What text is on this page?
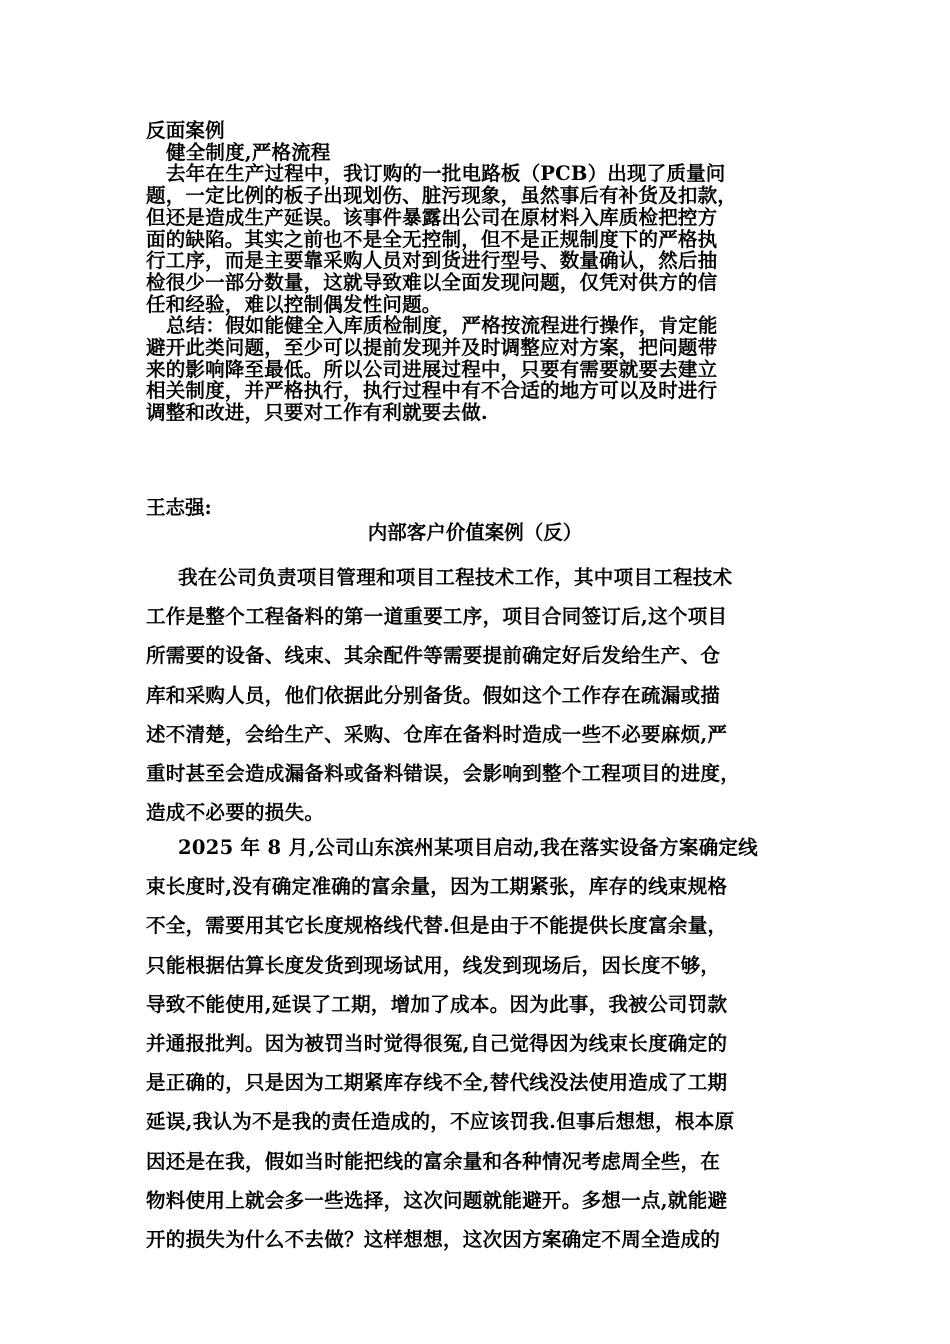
反面案例
健全制度,严格流程
去年在生产过程中，我订购的一批电路板（PCB）出现了质量问
题，一定比例的板子出现划伤、脏污现象，虽然事后有补货及扣款，
但还是造成生产延误。该事件暴露出公司在原材料入库质检把控方
面的缺陷。其实之前也不是全无控制，但不是正规制度下的严格执
行工序，而是主要靠采购人员对到货进行型号、数量确认，然后抽
检很少一部分数量，这就导致难以全面发现问题，仅凭对供方的信
任和经验，难以控制偶发性问题。
总结：假如能健全入库质检制度，严格按流程进行操作，肯定能
避开此类问题，至少可以提前发现并及时调整应对方案，把问题带
来的影响降至最低。所以公司进展过程中，只要有需要就要去建立
相关制度，并严格执行，执行过程中有不合适的地方可以及时进行
调整和改进，只要对工作有利就要去做.
王志强:
内部客户价值案例（反）
我在公司负责项目管理和项目工程技术工作，其中项目工程技术
工作是整个工程备料的第一道重要工序，项目合同签订后,这个项目
所需要的设备、线束、其余配件等需要提前确定好后发给生产、仓
库和采购人员，他们依据此分别备货。假如这个工作存在疏漏或描
述不清楚，会给生产、采购、仓库在备料时造成一些不必要麻烦,严
重时甚至会造成漏备料或备料错误，会影响到整个工程项目的进度，
造成不必要的损失。
2025 年 8 月,公司山东滨州某项目启动,我在落实设备方案确定线
束长度时,没有确定准确的富余量，因为工期紧张，库存的线束规格
不全，需要用其它长度规格线代替.但是由于不能提供长度富余量，
只能根据估算长度发货到现场试用，线发到现场后，因长度不够，
导致不能使用,延误了工期，增加了成本。因为此事，我被公司罚款
并通报批判。因为被罚当时觉得很冤,自己觉得因为线束长度确定的
是正确的，只是因为工期紧库存线不全,替代线没法使用造成了工期
延误,我认为不是我的责任造成的，不应该罚我.但事后想想，根本原
因还是在我，假如当时能把线的富余量和各种情况考虑周全些，在
物料使用上就会多一些选择，这次问题就能避开。多想一点,就能避
开的损失为什么不去做？这样想想，这次因方案确定不周全造成的
